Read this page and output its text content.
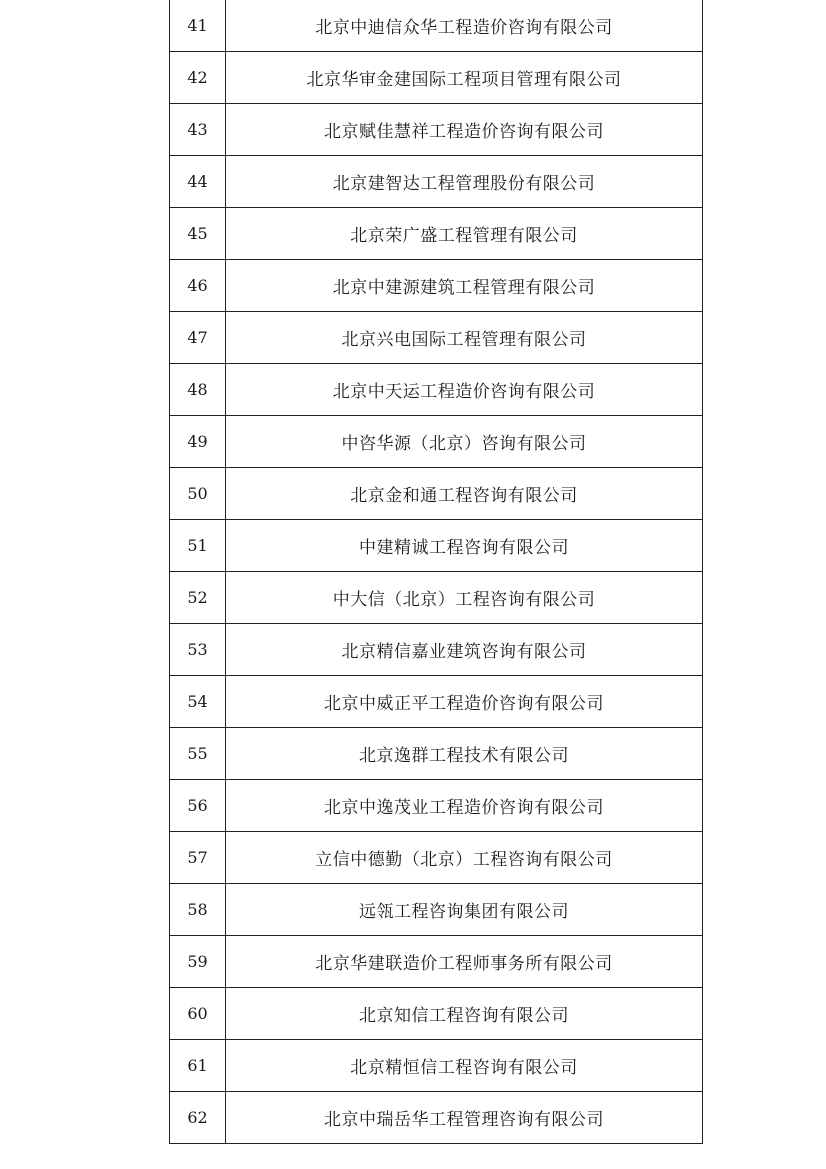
41	北京中迪信众华工程造价咨询有限公司
42	北京华审金建国际工程项目管理有限公司
43	北京赋佳慧祥工程造价咨询有限公司
44	北京建智达工程管理股份有限公司
45	北京荣广盛工程管理有限公司
46	北京中建源建筑工程管理有限公司
47	北京兴电国际工程管理有限公司
48	北京中天运工程造价咨询有限公司
49	中咨华源（北京）咨询有限公司
50	北京金和通工程咨询有限公司
51	中建精诚工程咨询有限公司
52	中大信（北京）工程咨询有限公司
53	北京精信嘉业建筑咨询有限公司
54	北京中威正平工程造价咨询有限公司
55	北京逸群工程技术有限公司
56	北京中逸茂业工程造价咨询有限公司
57	立信中德勤（北京）工程咨询有限公司
58	远瓴工程咨询集团有限公司
59	北京华建联造价工程师事务所有限公司
60	北京知信工程咨询有限公司
61	北京精恒信工程咨询有限公司
62	北京中瑞岳华工程管理咨询有限公司
